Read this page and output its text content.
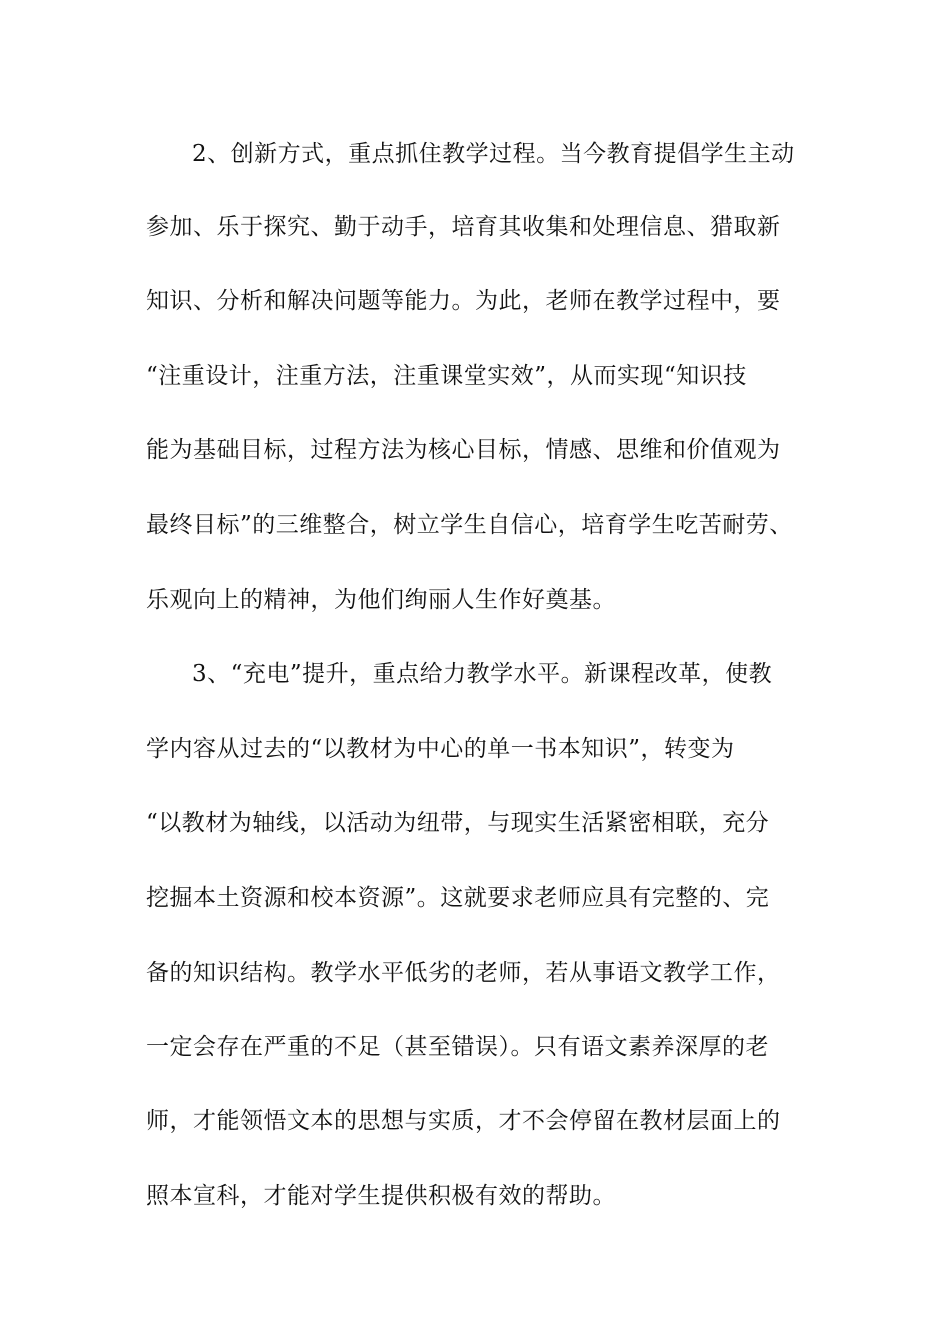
2、创新方式，重点抓住教学过程。当今教育提倡学生主动
参加、乐于探究、勤于动手，培育其收集和处理信息、猎取新
知识、分析和解决问题等能力。为此，老师在教学过程中，要
“注重设计，注重方法，注重课堂实效”，从而实现“知识技
能为基础目标，过程方法为核心目标，情感、思维和价值观为
最终目标”的三维整合，树立学生自信心，培育学生吃苦耐劳、
乐观向上的精神，为他们绚丽人生作好奠基。
3、“充电”提升，重点给力教学水平。新课程改革，使教
学内容从过去的“以教材为中心的单一书本知识”，转变为
“以教材为轴线，以活动为纽带，与现实生活紧密相联，充分
挖掘本土资源和校本资源”。这就要求老师应具有完整的、完
备的知识结构。教学水平低劣的老师，若从事语文教学工作，
一定会存在严重的不足（甚至错误）。只有语文素养深厚的老
师，才能领悟文本的思想与实质，才不会停留在教材层面上的
照本宣科，才能对学生提供积极有效的帮助。
